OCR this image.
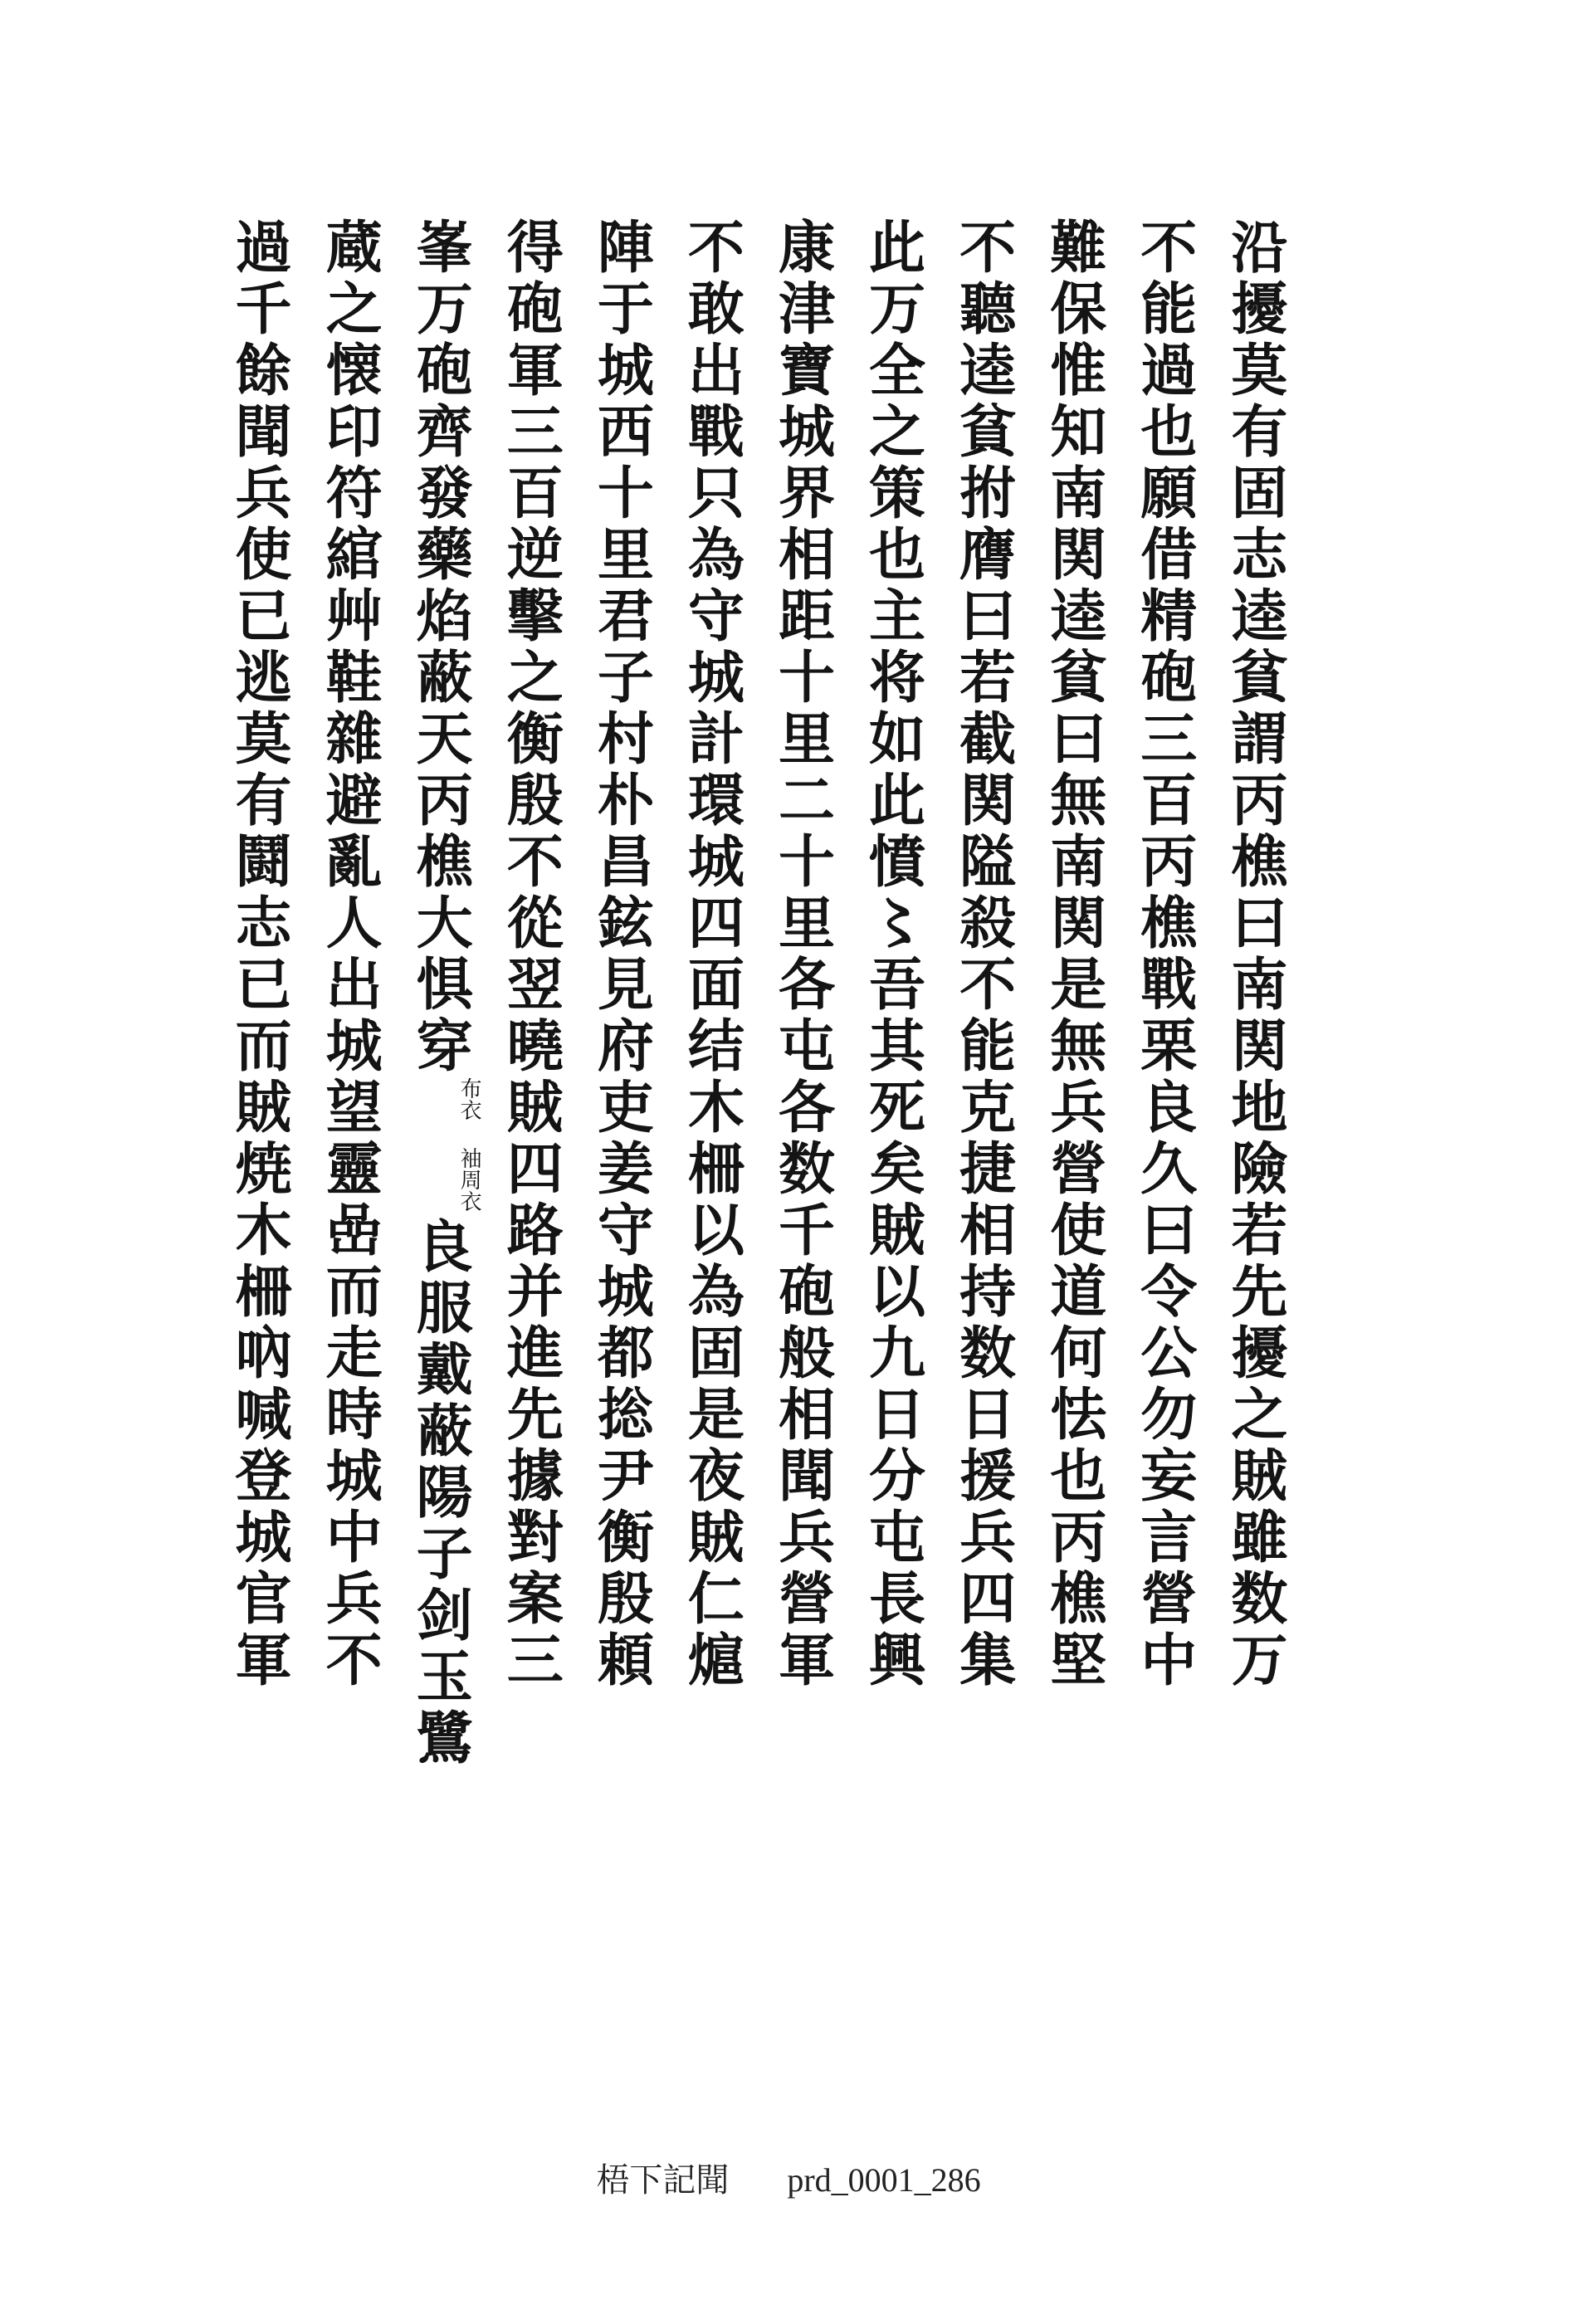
沿擾莫有固志逵貧謂丙樵曰南関地險若先擾之賊雖数万
不能過也願借精砲三百丙樵戰栗良久曰令公勿妄言營中
難保惟知南関逵貧曰無南関是無兵營使道何怯也丙樵堅
不聽逵貧拊膺曰若截関隘殺不能克捷相持数日援兵四集
此万全之策也主将如此憤〻吾其死矣賊以九日分屯長興
康津寶城界相距十里二十里各屯各数千砲般相聞兵營軍
不敢出戰只為守城計環城四面结木柵以為固是夜賊仁熩
陣于城西十里君子村朴昌鉉見府吏姜守城都捴尹衡殷頼
得砲軍三百逆擊之衡殷不從翌曉賊四路并進先據對案三
峯万砲齊發藥焰蔽天丙樵大惧穿布衣袖周衣良服戴蔽陽子剑玉鷺
蔵之懐印符綰艸鞋雜避亂人出城望靈嵒而走時城中兵不
過千餘聞兵使已逃莫有鬪志已而賊焼木柵吶喊登城官軍
梧下記聞 prd_0001_286
